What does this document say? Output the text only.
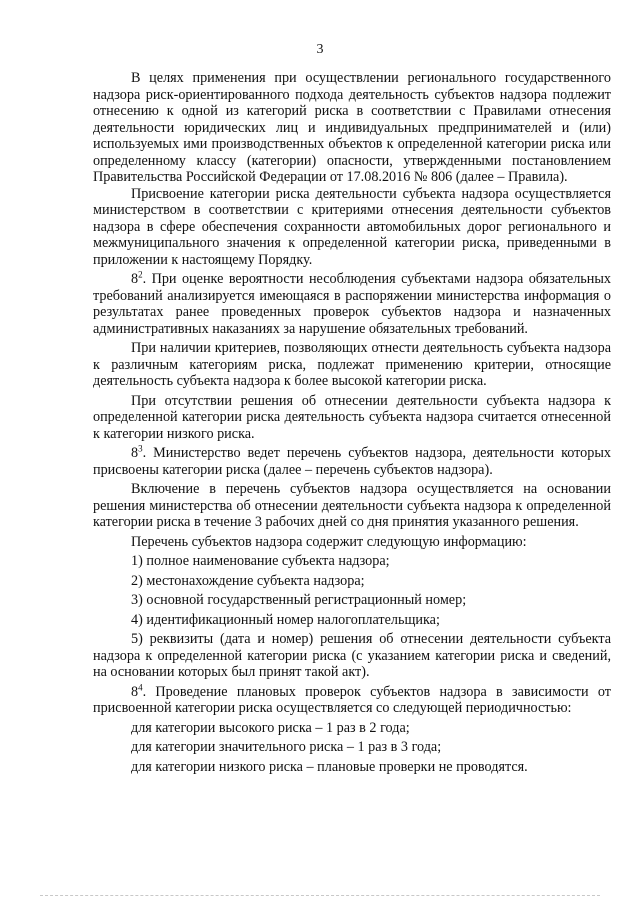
3

В целях применения при осуществлении регионального государственного надзора риск-ориентированного подхода деятельность субъектов надзора подлежит отнесению к одной из категорий риска в соответствии с Правилами отнесения деятельности юридических лиц и индивидуальных предпринимателей и (или) используемых ими производственных объектов к определенной категории риска или определенному классу (категории) опасности, утвержденными постановлением Правительства Российской Федерации от 17.08.2016 № 806 (далее – Правила).

Присвоение категории риска деятельности субъекта надзора осуществляется министерством в соответствии с критериями отнесения деятельности субъектов надзора в сфере обеспечения сохранности автомобильных дорог регионального и межмуниципального значения к определенной категории риска, приведенными в приложении к настоящему Порядку.

$8^2$. При оценке вероятности несоблюдения субъектами надзора обязательных требований анализируется имеющаяся в распоряжении министерства информация о результатах ранее проведенных проверок субъектов надзора и назначенных административных наказаниях за нарушение обязательных требований.

При наличии критериев, позволяющих отнести деятельность субъекта надзора к различным категориям риска, подлежат применению критерии, относящие деятельность субъекта надзора к более высокой категории риска.

При отсутствии решения об отнесении деятельности субъекта надзора к определенной категории риска деятельность субъекта надзора считается отнесенной к категории низкого риска.

$8^3$. Министерство ведет перечень субъектов надзора, деятельности которых присвоены категории риска (далее – перечень субъектов надзора).

Включение в перечень субъектов надзора осуществляется на основании решения министерства об отнесении деятельности субъекта надзора к определенной категории риска в течение 3 рабочих дней со дня принятия указанного решения.

Перечень субъектов надзора содержит следующую информацию:

1) полное наименование субъекта надзора;

2) местонахождение субъекта надзора;

3) основной государственный регистрационный номер;

4) идентификационный номер налогоплательщика;

5) реквизиты (дата и номер) решения об отнесении деятельности субъекта надзора к определенной категории риска (с указанием категории риска и сведений, на основании которых был принят такой акт).

$8^4$. Проведение плановых проверок субъектов надзора в зависимости от присвоенной категории риска осуществляется со следующей периодичностью:

для категории высокого риска – 1 раз в 2 года;

для категории значительного риска – 1 раз в 3 года;

для категории низкого риска – плановые проверки не проводятся.
